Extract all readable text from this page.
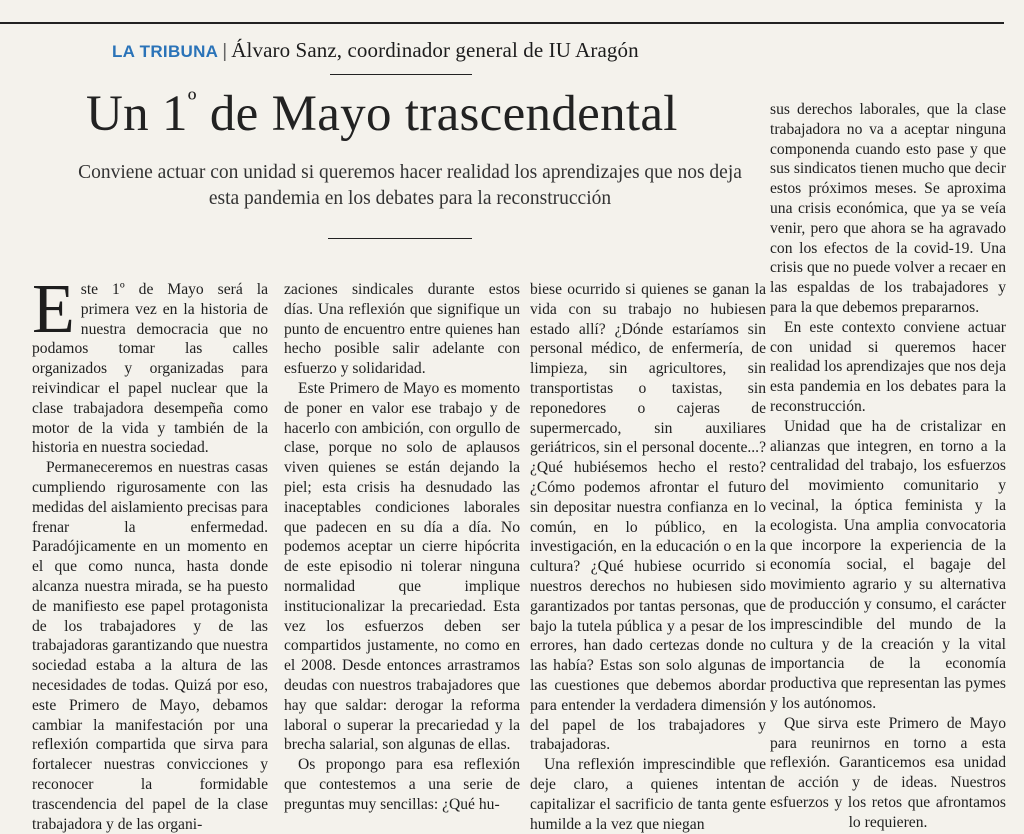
LA TRIBUNA | Álvaro Sanz, coordinador general de IU Aragón
Un $1^º$ de Mayo trascendental
Conviene actuar con unidad si queremos hacer realidad los aprendizajes que nos deja esta pandemia en los debates para la reconstrucción

Este 1º de Mayo será la primera vez en la historia de nuestra democracia que no podamos tomar las calles organizados y organizadas para reivindicar el papel nuclear que la clase trabajadora desempeña como motor de la vida y también de la historia en nuestra sociedad.

Permaneceremos en nuestras casas cumpliendo rigurosamente con las medidas del aislamiento precisas para frenar la enfermedad. Paradójicamente en un momento en el que como nunca, hasta donde alcanza nuestra mirada, se ha puesto de manifiesto ese papel protagonista de los trabajadores y de las trabajadoras garantizando que nuestra sociedad estaba a la altura de las necesidades de todas. Quizá por eso, este Primero de Mayo, debamos cambiar la manifestación por una reflexión compartida que sirva para fortalecer nuestras convicciones y reconocer la formidable trascendencia del papel de la clase trabajadora y de las organi-

zaciones sindicales durante estos días. Una reflexión que signifique un punto de encuentro entre quienes han hecho posible salir adelante con esfuerzo y solidaridad.

Este Primero de Mayo es momento de poner en valor ese trabajo y de hacerlo con ambición, con orgullo de clase, porque no solo de aplausos viven quienes se están dejando la piel; esta crisis ha desnudado las inaceptables condiciones laborales que padecen en su día a día. No podemos aceptar un cierre hipócrita de este episodio ni tolerar ninguna normalidad que implique institucionalizar la precariedad. Esta vez los esfuerzos deben ser compartidos justamente, no como en el 2008. Desde entonces arrastramos deudas con nuestros trabajadores que hay que saldar: derogar la reforma laboral o superar la precariedad y la brecha salarial, son algunas de ellas.

Os propongo para esa reflexión que contestemos a una serie de preguntas muy sencillas: ¿Qué hu-

biese ocurrido si quienes se ganan la vida con su trabajo no hubiesen estado allí? ¿Dónde estaríamos sin personal médico, de enfermería, de limpieza, sin agricultores, sin transportistas o taxistas, sin reponedores o cajeras de supermercado, sin auxiliares geriátricos, sin el personal docente...? ¿Qué hubiésemos hecho el resto? ¿Cómo podemos afrontar el futuro sin depositar nuestra confianza en lo común, en lo público, en la investigación, en la educación o en la cultura? ¿Qué hubiese ocurrido si nuestros derechos no hubiesen sido garantizados por tantas personas, que bajo la tutela pública y a pesar de los errores, han dado certezas donde no las había? Estas son solo algunas de las cuestiones que debemos abordar para entender la verdadera dimensión del papel de los trabajadores y trabajadoras.

Una reflexión imprescindible que deje claro, a quienes intentan capitalizar el sacrificio de tanta gente humilde a la vez que niegan

sus derechos laborales, que la clase trabajadora no va a aceptar ninguna componenda cuando esto pase y que sus sindicatos tienen mucho que decir estos próximos meses. Se aproxima una crisis económica, que ya se veía venir, pero que ahora se ha agravado con los efectos de la covid-19. Una crisis que no puede volver a recaer en las espaldas de los trabajadores y para la que debemos prepararnos.

En este contexto conviene actuar con unidad si queremos hacer realidad los aprendizajes que nos deja esta pandemia en los debates para la reconstrucción.

Unidad que ha de cristalizar en alianzas que integren, en torno a la centralidad del trabajo, los esfuerzos del movimiento comunitario y vecinal, la óptica feminista y la ecologista. Una amplia convocatoria que incorpore la experiencia de la economía social, el bagaje del movimiento agrario y su alternativa de producción y consumo, el carácter imprescindible del mundo de la cultura y de la creación y la vital importancia de la economía productiva que representan las pymes y los autónomos.

Que sirva este Primero de Mayo para reunirnos en torno a esta reflexión. Garanticemos esa unidad de acción y de ideas. Nuestros esfuerzos y los retos que afrontamos lo requieren.
